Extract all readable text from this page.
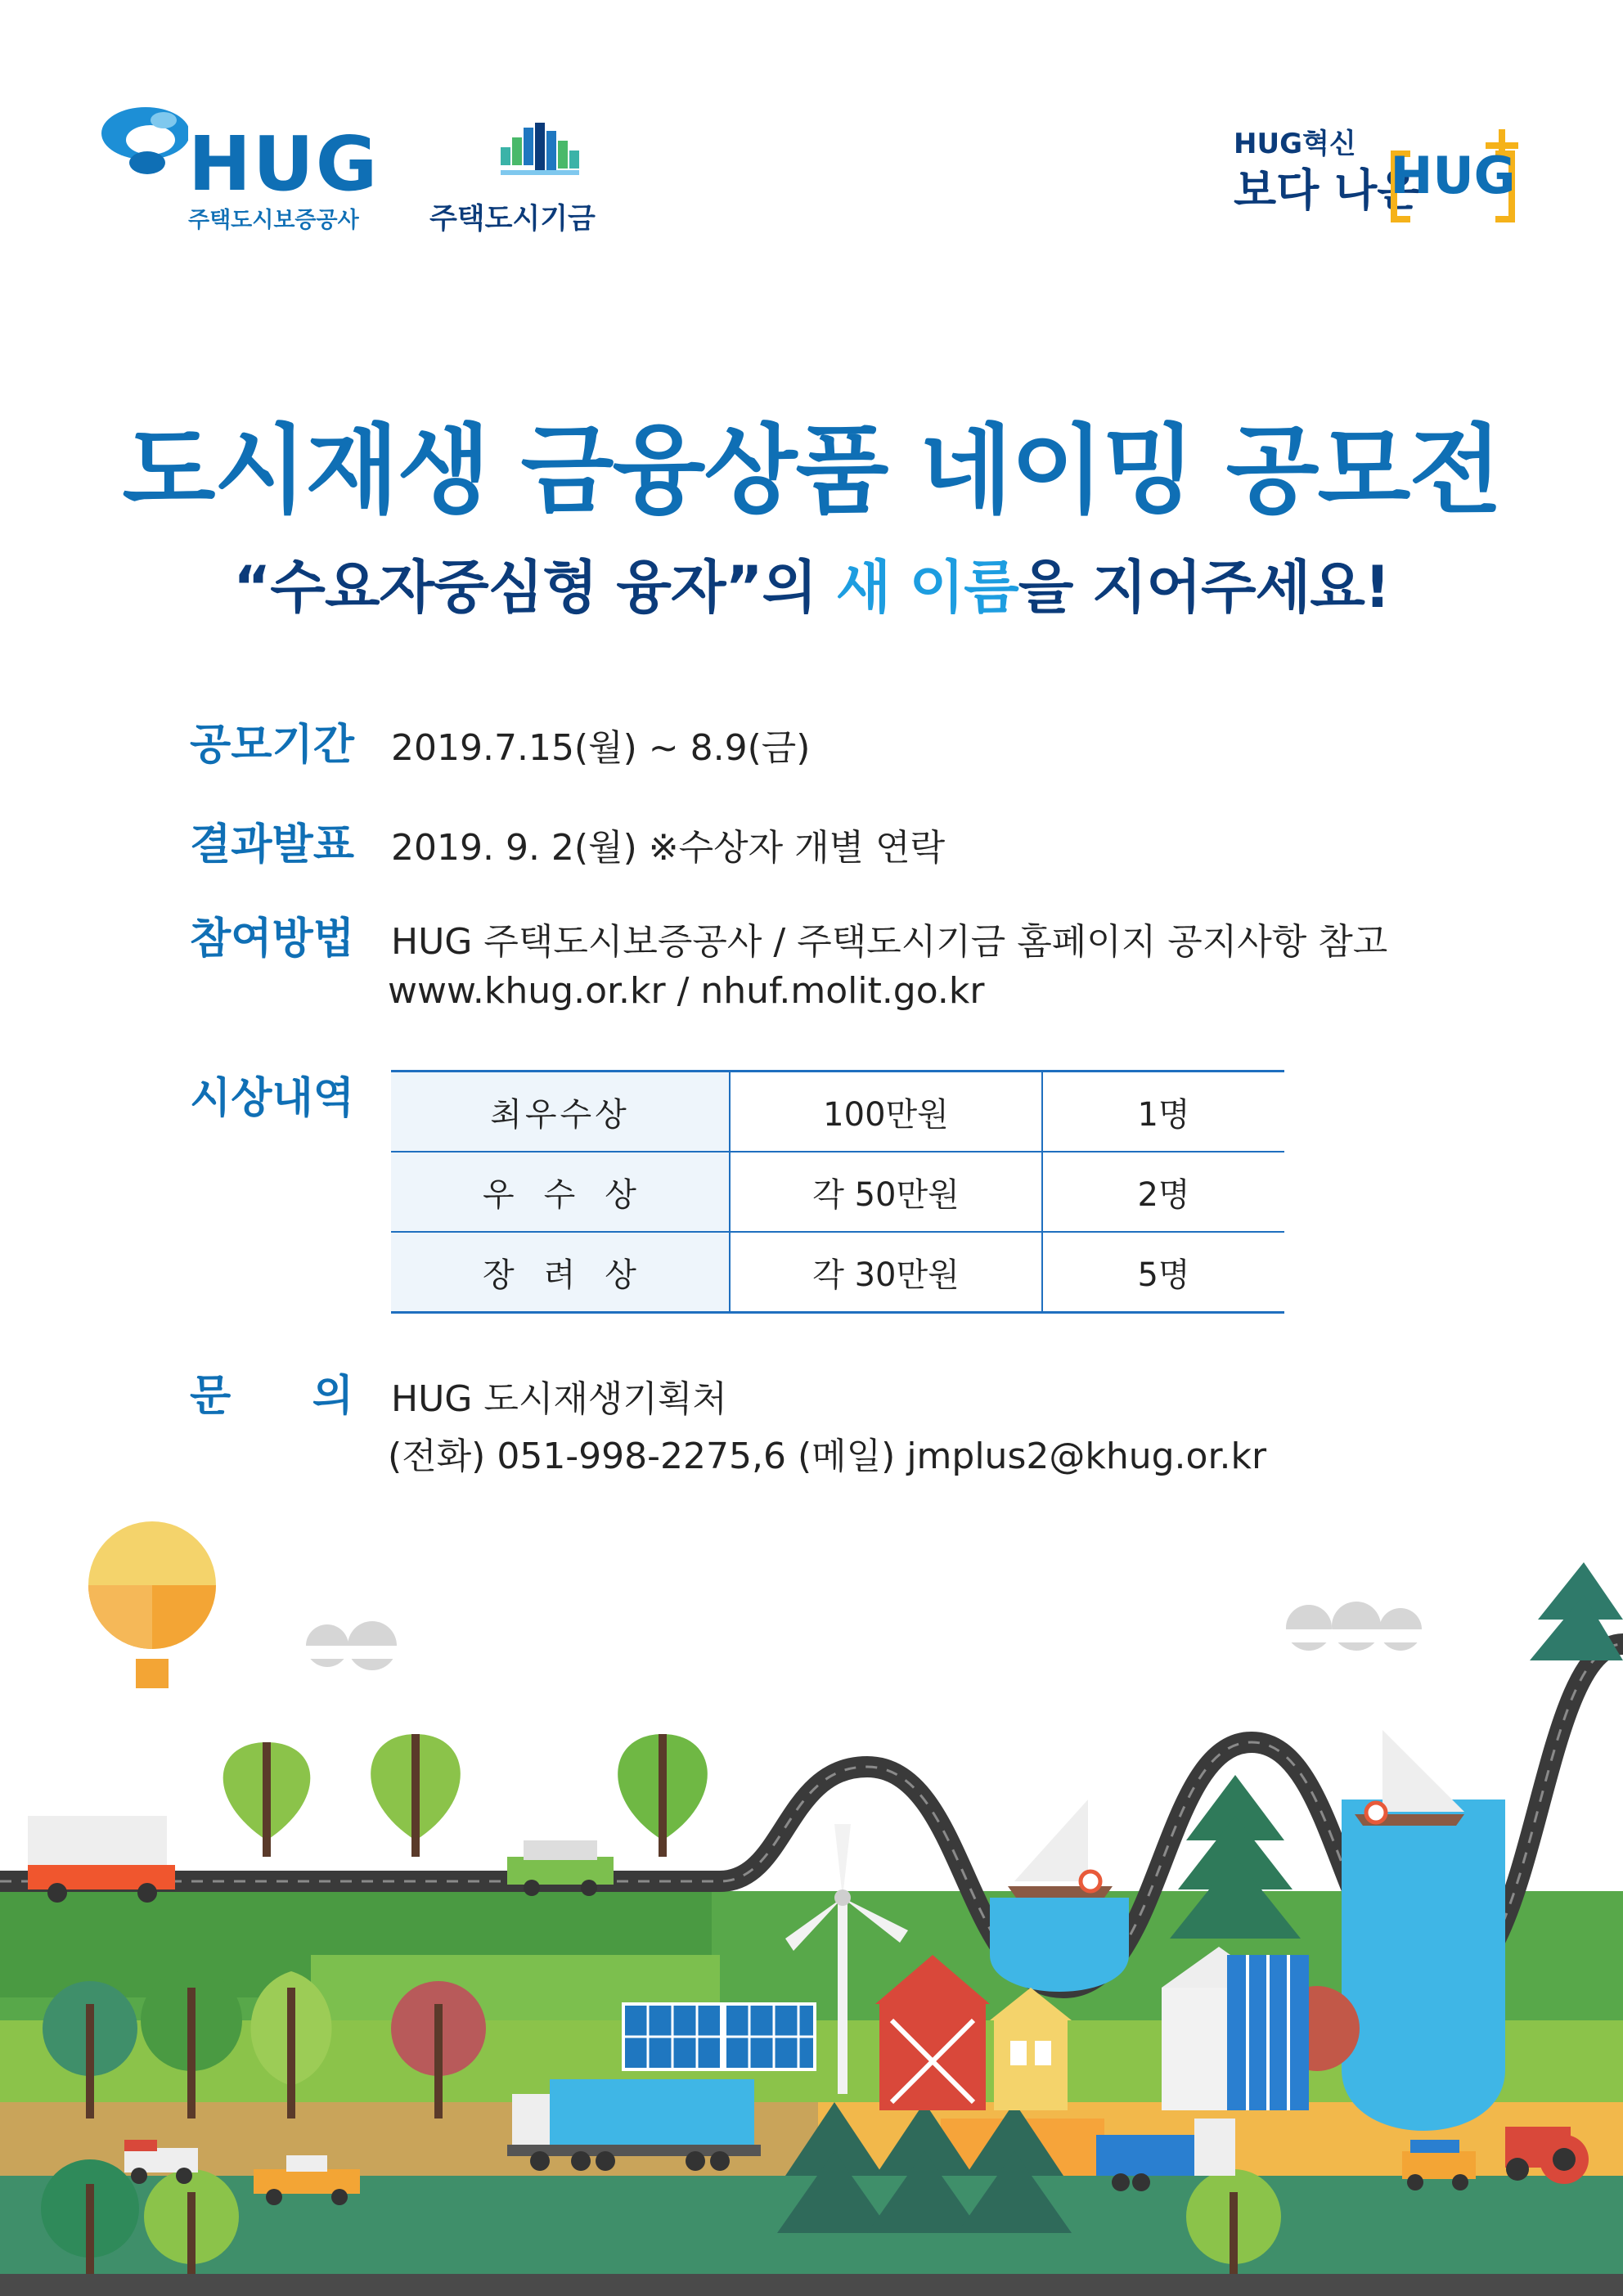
HUG
주택도시보증공사 주택도시기금
HUG혁신
보다 나은
HUG
도시재생 금융상품 네이밍 공모전
“수요자중심형 융자”의 새 이름을 지어주세요!
공모기간 2019.7.15(월) ~ 8.9(금)
결과발표 2019. 9. 2(월) ※수상자 개별 연락
참여방법 HUG 주택도시보증공사 / 주택도시기금 홈페이지 공지사항 참고
www.khug.or.kr / nhuf.molit.go.kr
시상내역	최우수상	100만원	1명
우수상	각 50만원	2명
장려상	각 30만원	5명
문 의 HUG 도시재생기획처
(전화) 051-998-2275,6 (메일) jmplus2@khug.or.kr
